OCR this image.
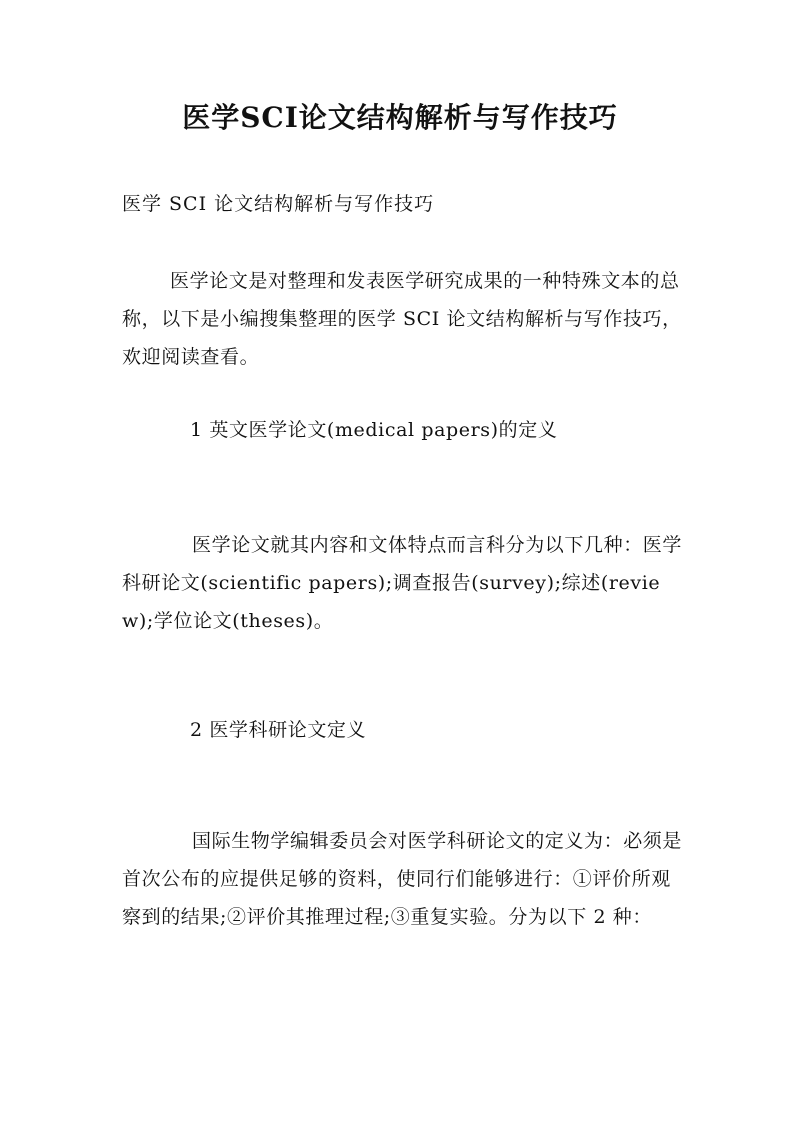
医学SCI论文结构解析与写作技巧
医学 SCI 论文结构解析与写作技巧

医学论文是对整理和发表医学研究成果的一种特殊文本的总称，以下是小编搜集整理的医学 SCI 论文结构解析与写作技巧，欢迎阅读查看。

1 英文医学论文(medical papers)的定义

医学论文就其内容和文体特点而言科分为以下几种：医学科研论文(scientific papers);调查报告(survey);综述(review);学位论文(theses)。

2 医学科研论文定义

国际生物学编辑委员会对医学科研论文的定义为：必须是首次公布的应提供足够的资料，使同行们能够进行：①评价所观察到的结果;②评价其推理过程;③重复实验。分为以下 2 种：
